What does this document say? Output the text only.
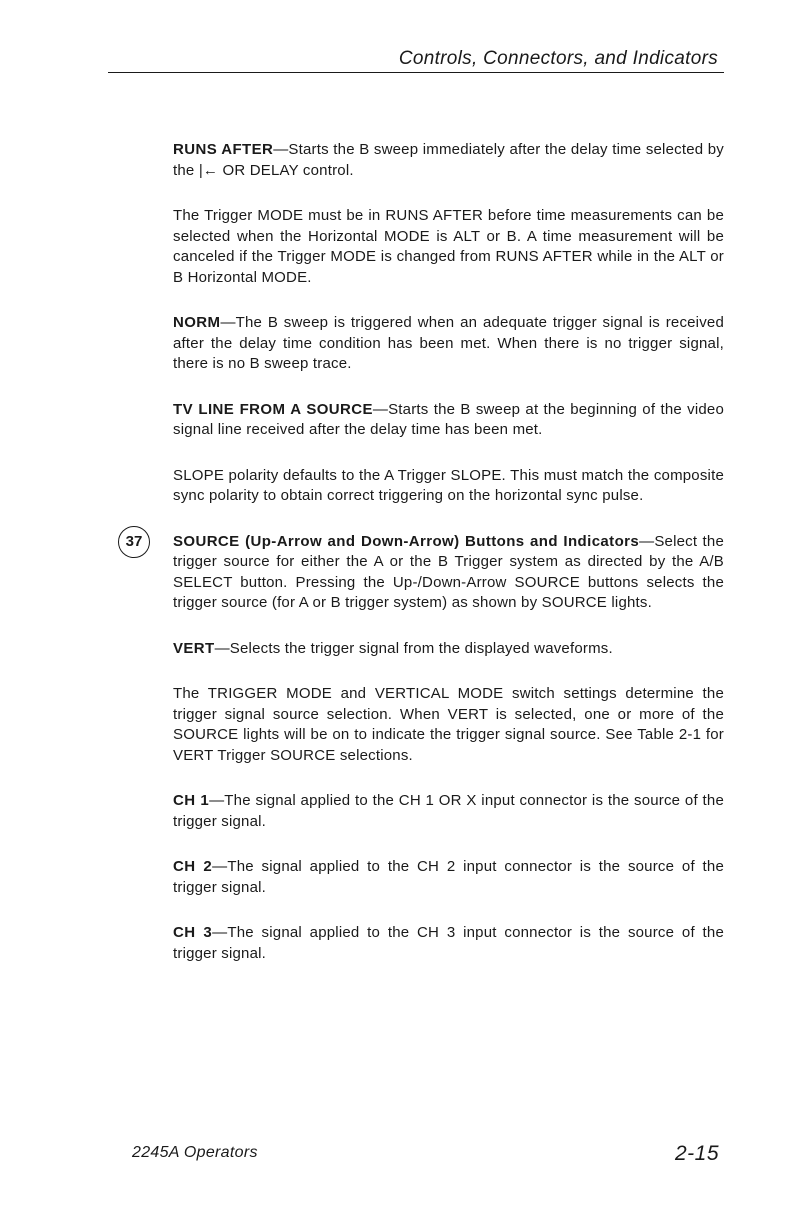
Controls, Connectors, and Indicators

RUNS AFTER—Starts the B sweep immediately after the delay time selected by the |← OR DELAY control.

The Trigger MODE must be in RUNS AFTER before time measurements can be selected when the Horizontal MODE is ALT or B. A time measurement will be canceled if the Trigger MODE is changed from RUNS AFTER while in the ALT or B Horizontal MODE.

NORM—The B sweep is triggered when an adequate trigger signal is received after the delay time condition has been met. When there is no trigger signal, there is no B sweep trace.

TV LINE FROM A SOURCE—Starts the B sweep at the beginning of the video signal line received after the delay time has been met.

SLOPE polarity defaults to the A Trigger SLOPE. This must match the composite sync polarity to obtain correct triggering on the horizontal sync pulse.

37	SOURCE (Up-Arrow and Down-Arrow) Buttons and Indicators—Select the trigger source for either the A or the B Trigger system as directed by the A/B SELECT button. Pressing the Up-/Down-Arrow SOURCE buttons selects the trigger source (for A or B trigger system) as shown by SOURCE lights.

VERT—Selects the trigger signal from the displayed waveforms.

The TRIGGER MODE and VERTICAL MODE switch settings determine the trigger signal source selection. When VERT is selected, one or more of the SOURCE lights will be on to indicate the trigger signal source. See Table 2-1 for VERT Trigger SOURCE selections.

CH 1—The signal applied to the CH 1 OR X input connector is the source of the trigger signal.

CH 2—The signal applied to the CH 2 input connector is the source of the trigger signal.

CH 3—The signal applied to the CH 3 input connector is the source of the trigger signal.

2245A Operators	2-15
